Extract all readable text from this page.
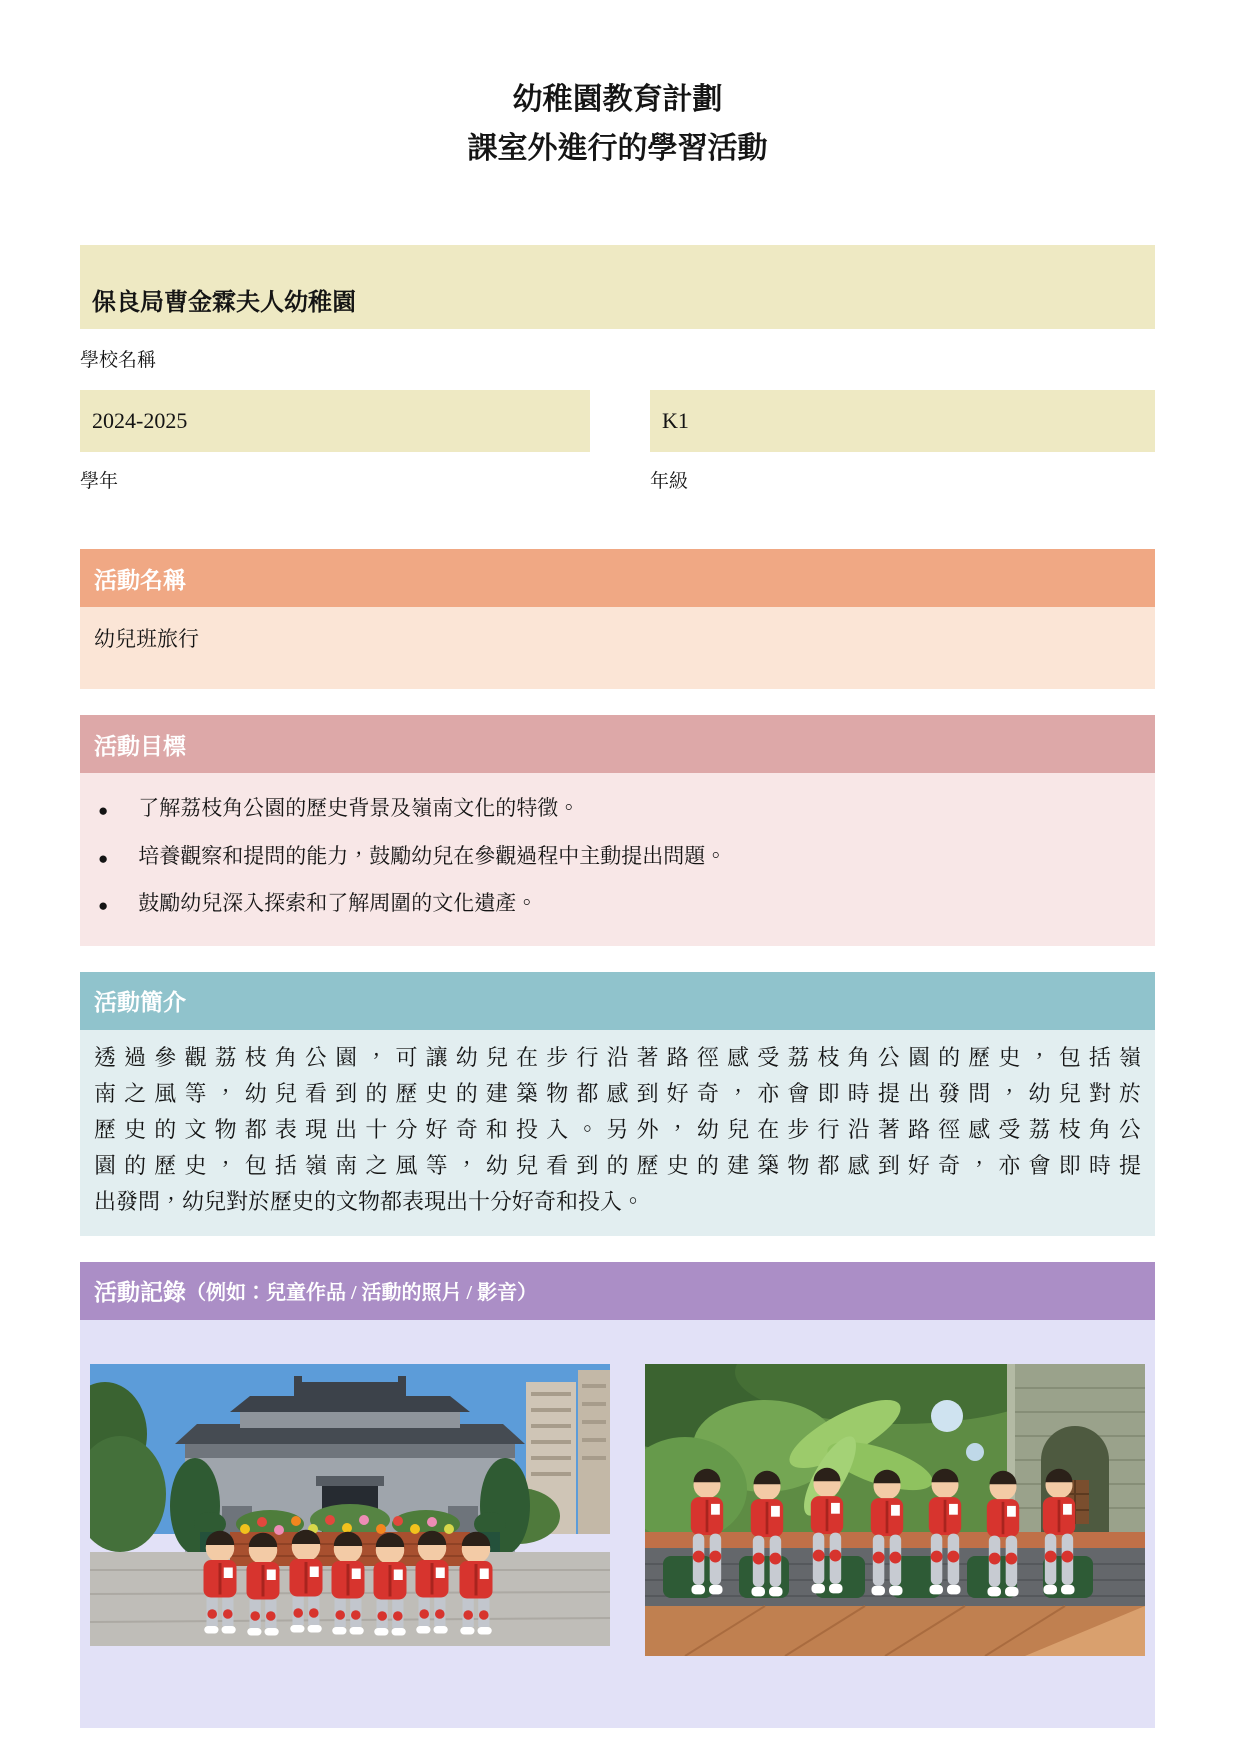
幼稚園教育計劃
課室外進行的學習活動
保良局曹金霖夫人幼稚園
學校名稱
2024-2025	K1
學年	年級
活動名稱
幼兒班旅行
活動目標
● 了解荔枝角公園的歷史背景及嶺南文化的特徵。
● 培養觀察和提問的能力，鼓勵幼兒在參觀過程中主動提出問題。
● 鼓勵幼兒深入探索和了解周圍的文化遺產。
活動簡介
透過參觀荔枝角公園，可讓幼兒在步行沿著路徑感受荔枝角公園的歷史，包括嶺
南之風等，幼兒看到的歷史的建築物都感到好奇，亦會即時提出發問，幼兒對於
歷史的文物都表現出十分好奇和投入。另外，幼兒在步行沿著路徑感受荔枝角公
園的歷史，包括嶺南之風等，幼兒看到的歷史的建築物都感到好奇，亦會即時提
出發問，幼兒對於歷史的文物都表現出十分好奇和投入。
活動記錄 （例如：兒童作品 / 活動的照片 / 影音）
